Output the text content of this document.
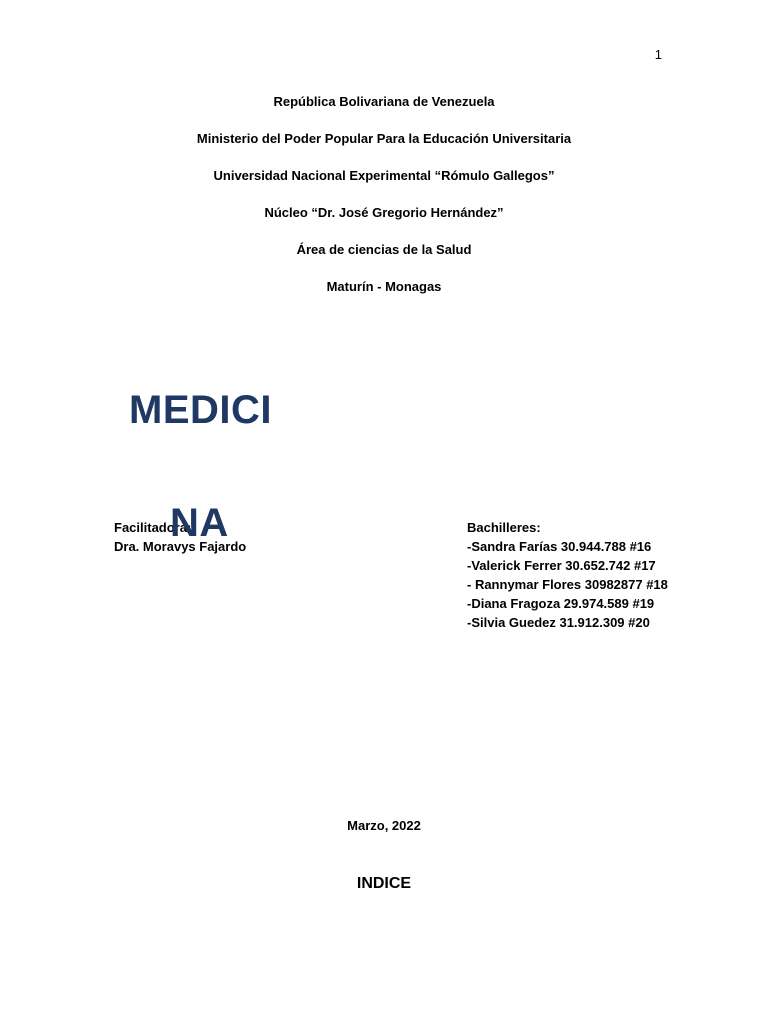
1
República Bolivariana de Venezuela
Ministerio del Poder Popular Para la Educación Universitaria
Universidad Nacional Experimental “Rómulo Gallegos”
Núcleo “Dr. José Gregorio Hernández”
Área de ciencias de la Salud
Maturín - Monagas
MEDICI
Facilitadora:
Dra. Moravys Fajardo
NA	Bachilleres:
-Sandra Farías 30.944.788 #16
-Valerick Ferrer 30.652.742 #17
- Rannymar Flores 30982877 #18
-Diana Fragoza 29.974.589 #19
-Silvia Guedez 31.912.309 #20
Marzo, 2022
INDICE
